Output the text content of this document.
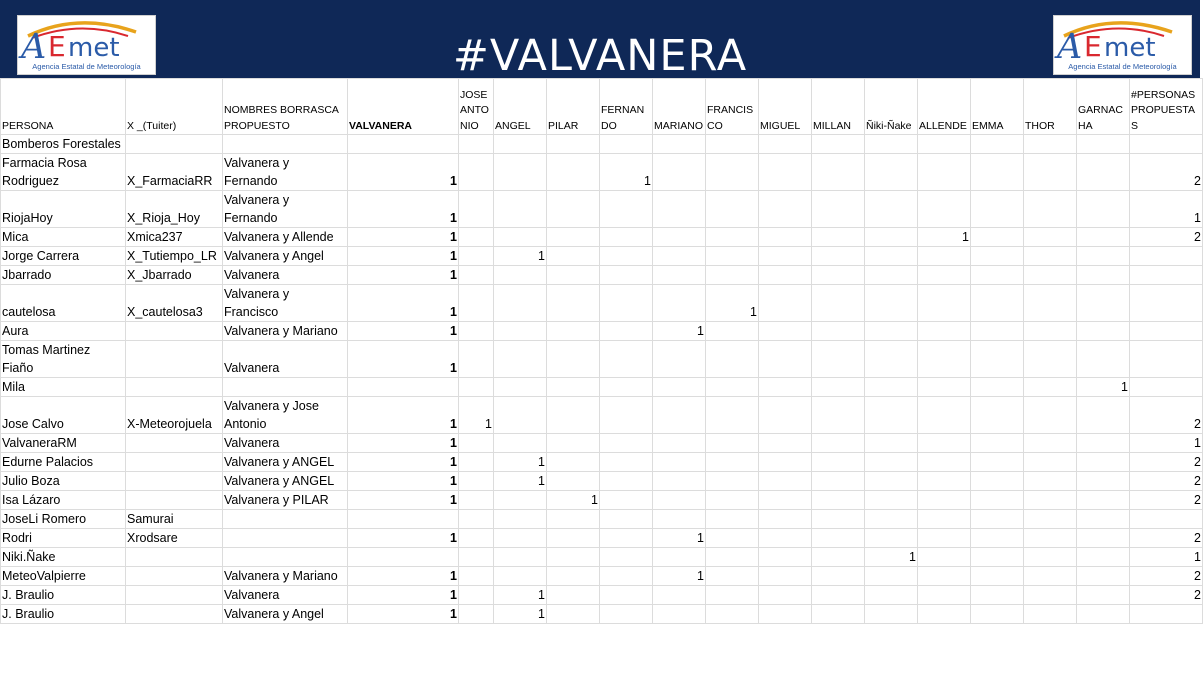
A E met
Agencia Estatal de Meteorología	#VALVANERA	A E met
Agencia Estatal de Meteorología
PERSONA	X _(Tuiter)	NOMBRES BORRASCA PROPUESTO	VALVANERA	JOSE ANTONIO	ANGEL	PILAR	FERNANDO	MARIANO	FRANCISCO	MIGUEL	MILLAN	Ñiki-Ñake	ALLENDE	EMMA	THOR	GARNACHA	#PERSONAS PROPUESTAS
Bomberos Forestales																	
Farmacia Rosa Rodriguez	X_FarmaciaRR	Valvanera y Fernando	1				1										2
RiojaHoy	X_Rioja_Hoy	Valvanera y Fernando	1														1
Mica	Xmica237	Valvanera y Allende	1										1				2
Jorge Carrera	X_Tutiempo_LR	Valvanera y Angel	1		1												
Jbarrado	X_Jbarrado	Valvanera	1														
cautelosa	X_cautelosa3	Valvanera y Francisco	1						1								
Aura		Valvanera y Mariano	1					1									
Tomas Martinez Fiaño		Valvanera	1														
Mila																1	
Jose Calvo	X-Meteorojuela	Valvanera y Jose Antonio	1	1													2
ValvaneraRM		Valvanera	1														1
Edurne Palacios		Valvanera y ANGEL	1		1												2
Julio Boza		Valvanera y ANGEL	1		1												2
Isa Lázaro		Valvanera y PILAR	1			1											2
JoseLi Romero	Samurai																
Rodri	Xrodsare		1					1									2
Niki.Ñake												1					1
MeteoValpierre		Valvanera y Mariano	1					1									2
J. Braulio		Valvanera	1		1												2
J. Braulio		Valvanera y Angel	1		1												
